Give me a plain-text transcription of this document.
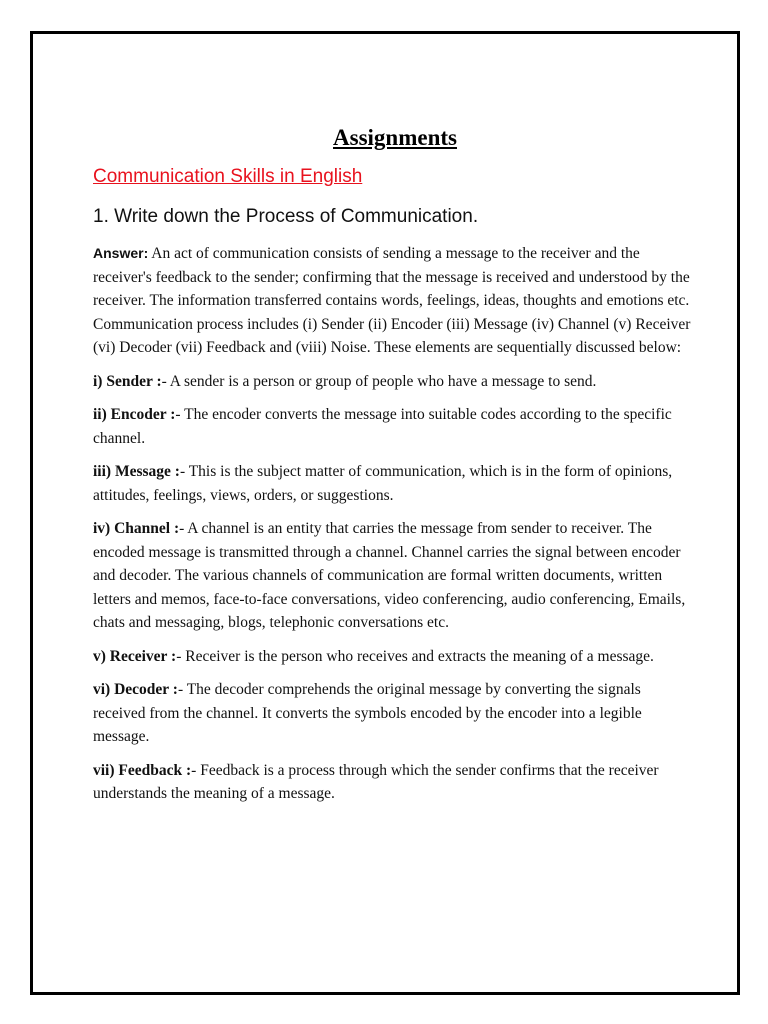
Assignments
Communication Skills in English
1. Write down the Process of Communication.

Answer: An act of communication consists of sending a message to the receiver and the receiver's feedback to the sender; confirming that the message is received and understood by the receiver. The information transferred contains words, feelings, ideas, thoughts and emotions etc. Communication process includes (i) Sender (ii) Encoder (iii) Message (iv) Channel (v) Receiver (vi) Decoder (vii) Feedback and (viii) Noise. These elements are sequentially discussed below:

i) Sender :- A sender is a person or group of people who have a message to send.

ii) Encoder :- The encoder converts the message into suitable codes according to the specific channel.

iii) Message :- This is the subject matter of communication, which is in the form of opinions, attitudes, feelings, views, orders, or suggestions.

iv) Channel :- A channel is an entity that carries the message from sender to receiver. The encoded message is transmitted through a channel. Channel carries the signal between encoder and decoder. The various channels of communication are formal written documents, written letters and memos, face-to-face conversations, video conferencing, audio conferencing, Emails, chats and messaging, blogs, telephonic conversations etc.

v) Receiver :- Receiver is the person who receives and extracts the meaning of a message.

vi) Decoder :- The decoder comprehends the original message by converting the signals received from the channel. It converts the symbols encoded by the encoder into a legible message.

vii) Feedback :- Feedback is a process through which the sender confirms that the receiver understands the meaning of a message.
